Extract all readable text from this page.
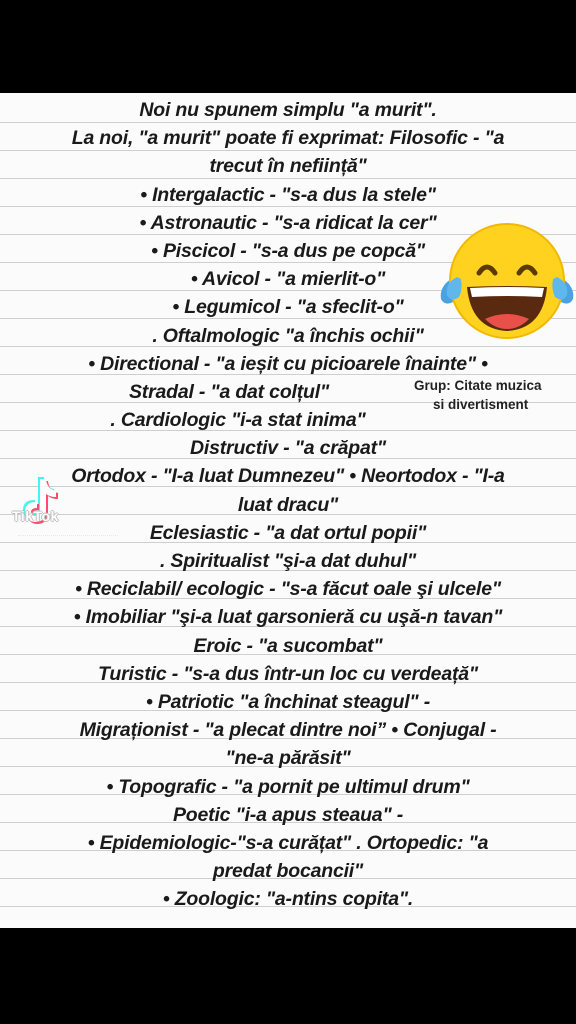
Noi nu spunem simplu "a murit".
La noi, "a murit" poate fi exprimat: Filosofic - "a
trecut în neființă"
• Intergalactic - "s-a dus la stele"
• Astronautic - "s-a ridicat la cer"
• Piscicol - "s-a dus pe copcă"
• Avicol - "a mierlit-o"
• Legumicol - "a sfeclit-o"
. Oftalmologic "a închis ochii"
• Directional - "a ieșit cu picioarele înainte" •
Stradal - "a dat colțul"
. Cardiologic "i-a stat inima"
Distructiv - "a crăpat"
Ortodox - "I-a luat Dumnezeu" • Neortodox - "I-a
luat dracu"
Eclesiastic - "a dat ortul popii"
. Spiritualist "şi-a dat duhul"
• Reciclabil/ ecologic - "s-a făcut oale şi ulcele"
• Imobiliar "şi-a luat garsonieră cu uşă-n tavan"
Eroic - "a sucombat"
Turistic - "s-a dus într-un loc cu verdeață"
• Patriotic "a închinat steagul" -
Migraționist - "a plecat dintre noi” • Conjugal -
"ne-a părăsit"
• Topografic - "a pornit pe ultimul drum"
Poetic "i-a apus steaua" -
• Epidemiologic-"s-a curățat" . Ortopedic: "a
predat bocancii"
• Zoologic: "a-ntins copita".
Grup: Citate muzica
si divertisment
TikTok
